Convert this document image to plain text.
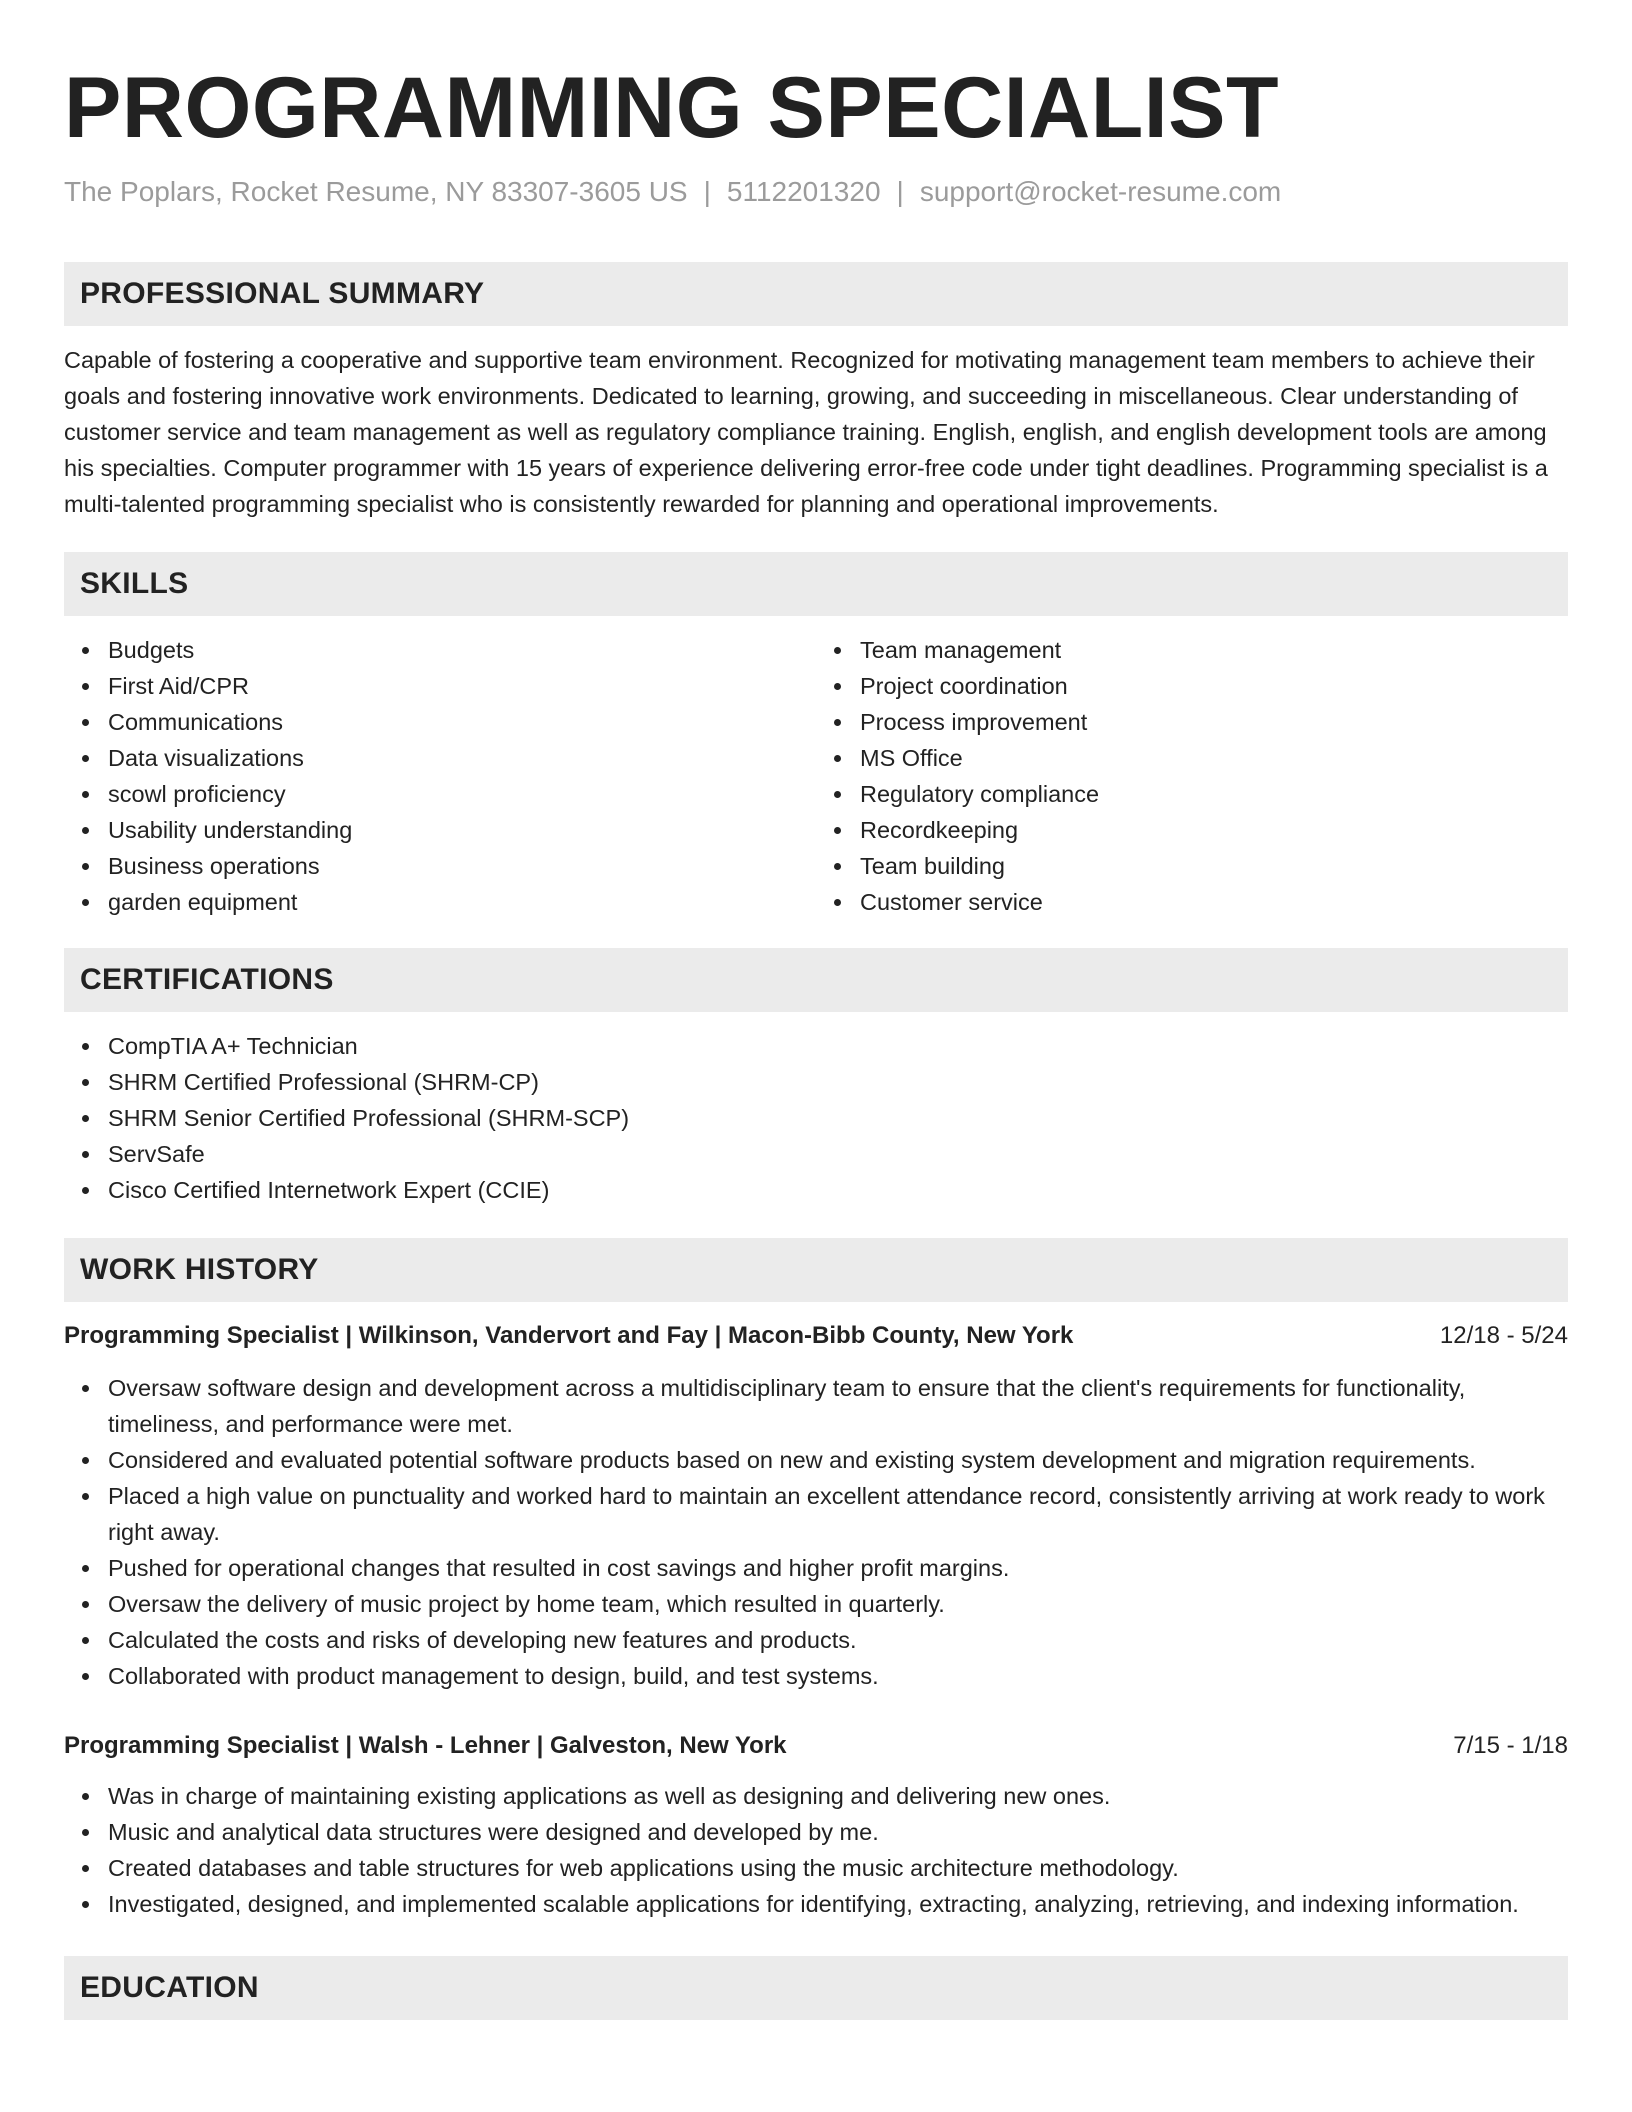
PROGRAMMING SPECIALIST
The Poplars, Rocket Resume, NY 83307-3605 US | 5112201320 | support@rocket-resume.com
PROFESSIONAL SUMMARY

Capable of fostering a cooperative and supportive team environment. Recognized for motivating management team members to achieve their goals and fostering innovative work environments. Dedicated to learning, growing, and succeeding in miscellaneous. Clear understanding of customer service and team management as well as regulatory compliance training. English, english, and english development tools are among his specialties. Computer programmer with 15 years of experience delivering error-free code under tight deadlines. Programming specialist is a multi-talented programming specialist who is consistently rewarded for planning and operational improvements.

SKILLS
Budgets
First Aid/CPR
Communications
Data visualizations
scowl proficiency
Usability understanding
Business operations
garden equipment
Team management
Project coordination
Process improvement
MS Office
Regulatory compliance
Recordkeeping
Team building
Customer service
CERTIFICATIONS
CompTIA A+ Technician
SHRM Certified Professional (SHRM-CP)
SHRM Senior Certified Professional (SHRM-SCP)
ServSafe
Cisco Certified Internetwork Expert (CCIE)
WORK HISTORY
Programming Specialist | Wilkinson, Vandervort and Fay | Macon-Bibb County, New York	12/18 - 5/24
Oversaw software design and development across a multidisciplinary team to ensure that the client's requirements for functionality, timeliness, and performance were met.
Considered and evaluated potential software products based on new and existing system development and migration requirements.
Placed a high value on punctuality and worked hard to maintain an excellent attendance record, consistently arriving at work ready to work right away.
Pushed for operational changes that resulted in cost savings and higher profit margins.
Oversaw the delivery of music project by home team, which resulted in quarterly.
Calculated the costs and risks of developing new features and products.
Collaborated with product management to design, build, and test systems.
Programming Specialist | Walsh - Lehner | Galveston, New York	7/15 - 1/18
Was in charge of maintaining existing applications as well as designing and delivering new ones.
Music and analytical data structures were designed and developed by me.
Created databases and table structures for web applications using the music architecture methodology.
Investigated, designed, and implemented scalable applications for identifying, extracting, analyzing, retrieving, and indexing information.
EDUCATION
